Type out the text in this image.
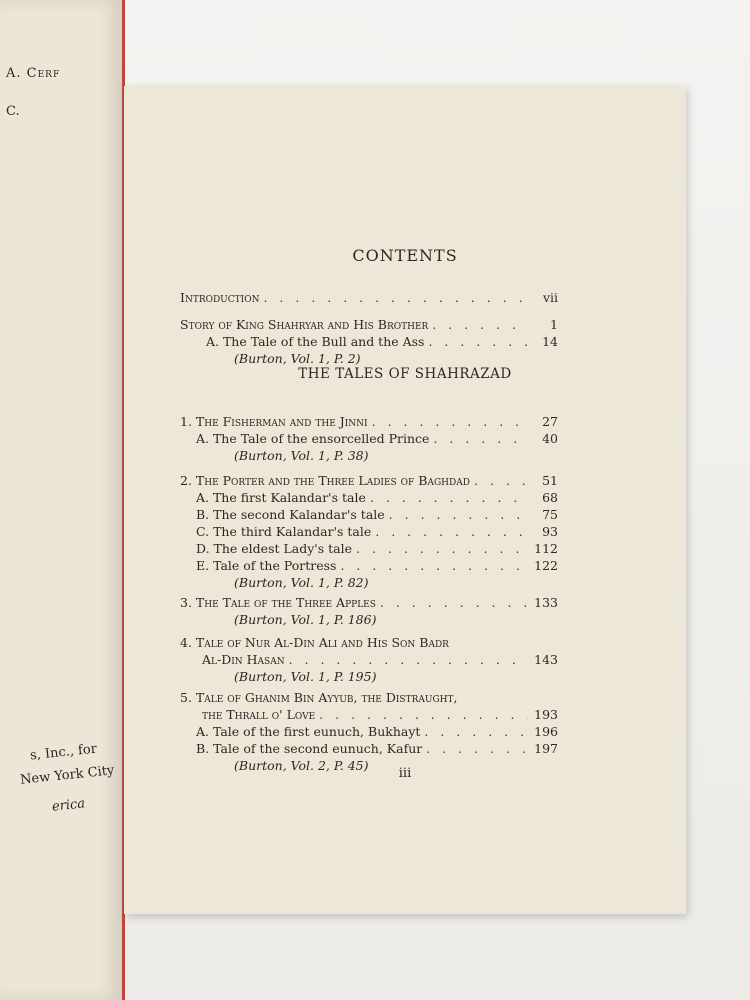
A. Cerf
C.
s, Inc., for
New York City
erica
CONTENTS
Introduction . . .	vii
Story of King Shahryar and His Brother . . .	1
A. The Tale of the Bull and the Ass . . .	14
(Burton, Vol. 1, P. 2)
THE TALES OF SHAHRAZAD
1. The Fisherman and the Jinni . . .	27
A. The Tale of the ensorcelled Prince . . .	40
(Burton, Vol. 1, P. 38)
2. The Porter and the Three Ladies of Baghdad . . .	51
A. The first Kalandar's tale . . .	68
B. The second Kalandar's tale . . .	75
C. The third Kalandar's tale . . .	93
D. The eldest Lady's tale . . .	112
E. Tale of the Portress . . .	122
(Burton, Vol. 1, P. 82)
3. The Tale of the Three Apples . . .	133
(Burton, Vol. 1, P. 186)
4. Tale of Nur Al-Din Ali and His Son Badr
Al-Din Hasan . . .	143
(Burton, Vol. 1, P. 195)
5. Tale of Ghanim Bin Ayyub, the Distraught,
the Thrall o' Love . . .	193
A. Tale of the first eunuch, Bukhayt . . .	196
B. Tale of the second eunuch, Kafur . . .	197
(Burton, Vol. 2, P. 45)
iii
